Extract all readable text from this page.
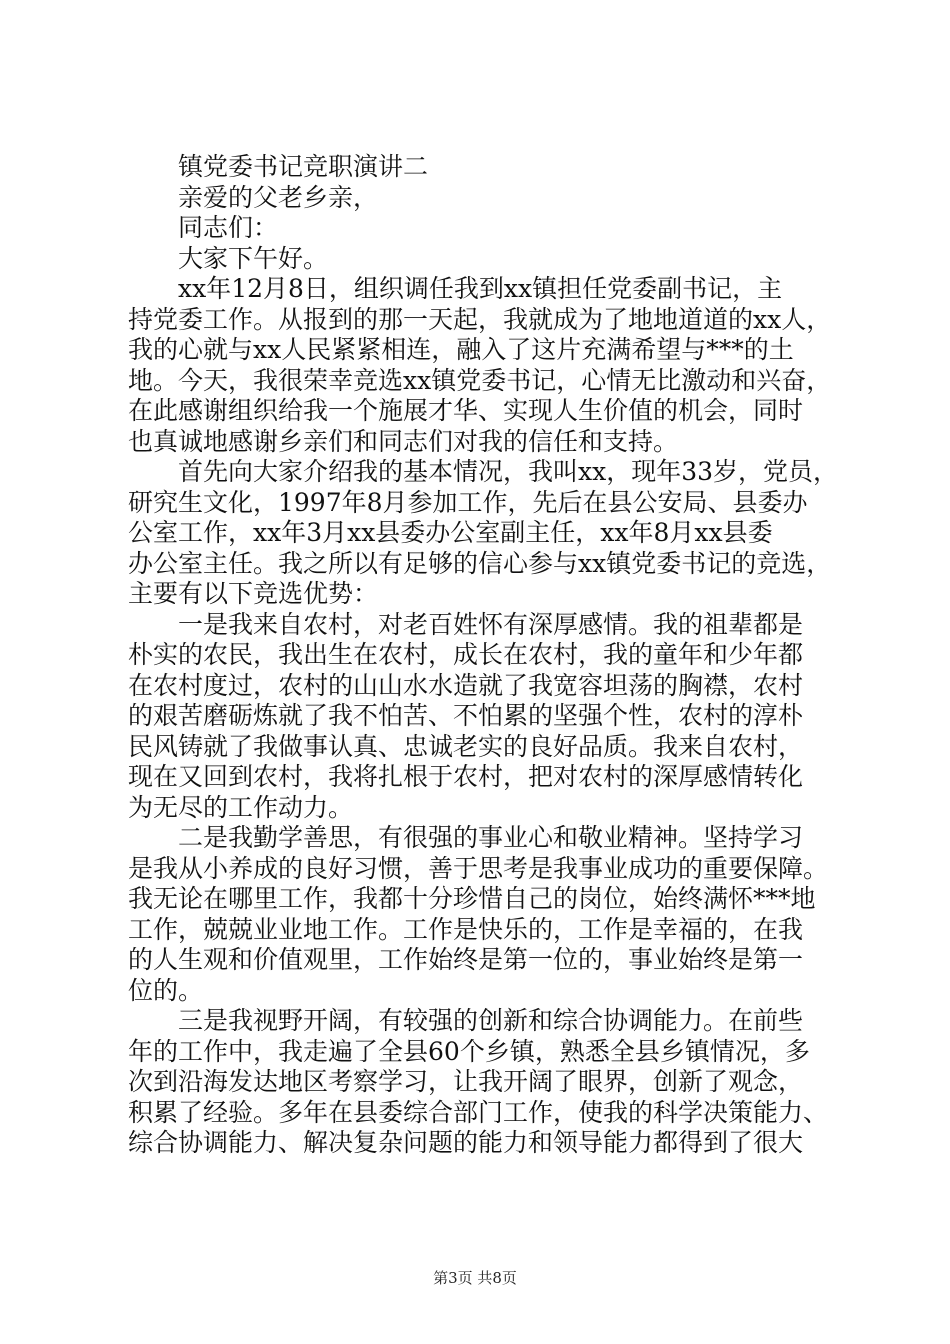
镇党委书记竞职演讲二
亲爱的父老乡亲，
同志们：
大家下午好。
xx年12月8日，组织调任我到xx镇担任党委副书记，主
持党委工作。从报到的那一天起，我就成为了地地道道的xx人，
我的心就与xx人民紧紧相连，融入了这片充满希望与***的土
地。今天，我很荣幸竞选xx镇党委书记，心情无比激动和兴奋，
在此感谢组织给我一个施展才华、实现人生价值的机会，同时
也真诚地感谢乡亲们和同志们对我的信任和支持。
首先向大家介绍我的基本情况，我叫xx，现年33岁，党员，
研究生文化，1997年8月参加工作，先后在县公安局、县委办
公室工作，xx年3月xx县委办公室副主任，xx年8月xx县委
办公室主任。我之所以有足够的信心参与xx镇党委书记的竞选，
主要有以下竞选优势：
一是我来自农村，对老百姓怀有深厚感情。我的祖辈都是
朴实的农民，我出生在农村，成长在农村，我的童年和少年都
在农村度过，农村的山山水水造就了我宽容坦荡的胸襟，农村
的艰苦磨砺炼就了我不怕苦、不怕累的坚强个性，农村的淳朴
民风铸就了我做事认真、忠诚老实的良好品质。我来自农村，
现在又回到农村，我将扎根于农村，把对农村的深厚感情转化
为无尽的工作动力。
二是我勤学善思，有很强的事业心和敬业精神。坚持学习
是我从小养成的良好习惯，善于思考是我事业成功的重要保障。
我无论在哪里工作，我都十分珍惜自己的岗位，始终满怀***地
工作，兢兢业业地工作。工作是快乐的，工作是幸福的，在我
的人生观和价值观里，工作始终是第一位的，事业始终是第一
位的。
三是我视野开阔，有较强的创新和综合协调能力。在前些
年的工作中，我走遍了全县60个乡镇，熟悉全县乡镇情况，多
次到沿海发达地区考察学习，让我开阔了眼界，创新了观念，
积累了经验。多年在县委综合部门工作，使我的科学决策能力、
综合协调能力、解决复杂问题的能力和领导能力都得到了很大
第3页 共8页
